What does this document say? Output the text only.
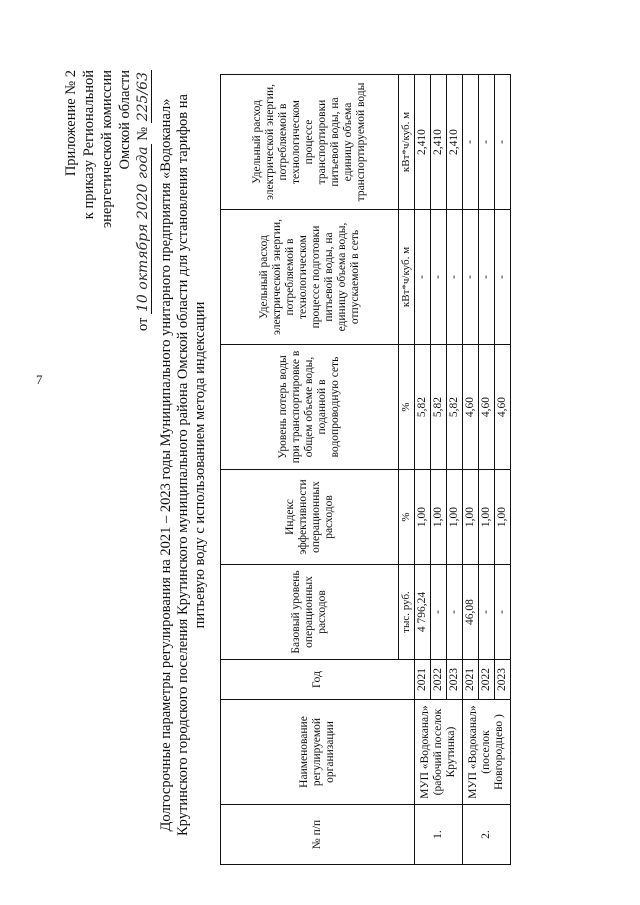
7
Приложение № 2 к приказу Региональной энергетической комиссии Омской области
от 10 октября 2020 года № 225/63
Долгосрочные параметры регулирования на 2021 – 2023 годы Муниципального унитарного предприятия «Водоканал» Крутинского городского поселения Крутинского муниципального района Омской области для установления тарифов на питьевую воду с использованием метода индексации
№ п/п	Наименование регулируемой организации	Год	Базовый уровень операционных расходов	Индекс эффективности операционных расходов	Уровень потерь воды при транспортировке в общем объеме воды, поданной в водопроводную сеть	Удельный расход электрической энергии, потребляемой в технологическом процессе подготовки питьевой воды, на единицу объема воды, отпускаемой в сеть	Удельный расход электрической энергии, потребляемой в технологическом процессе транспортировки питьевой воды, на единицу объема транспортируемой воды
			тыс. руб.	%	%	кВт*ч/куб. м	кВт*ч/куб. м
1.	МУП «Водоканал» (рабочий поселок Крутинка)	2021	4 796,24	1,00	5,82	-	2,410
		2022	-	1,00	5,82	-	2,410
		2023	-	1,00	5,82	-	2,410
2.	МУП «Водоканал» (поселок Новгородцево )	2021	46,08	1,00	4,60	-	-
		2022	-	1,00	4,60	-	-
		2023	-	1,00	4,60	-	-
